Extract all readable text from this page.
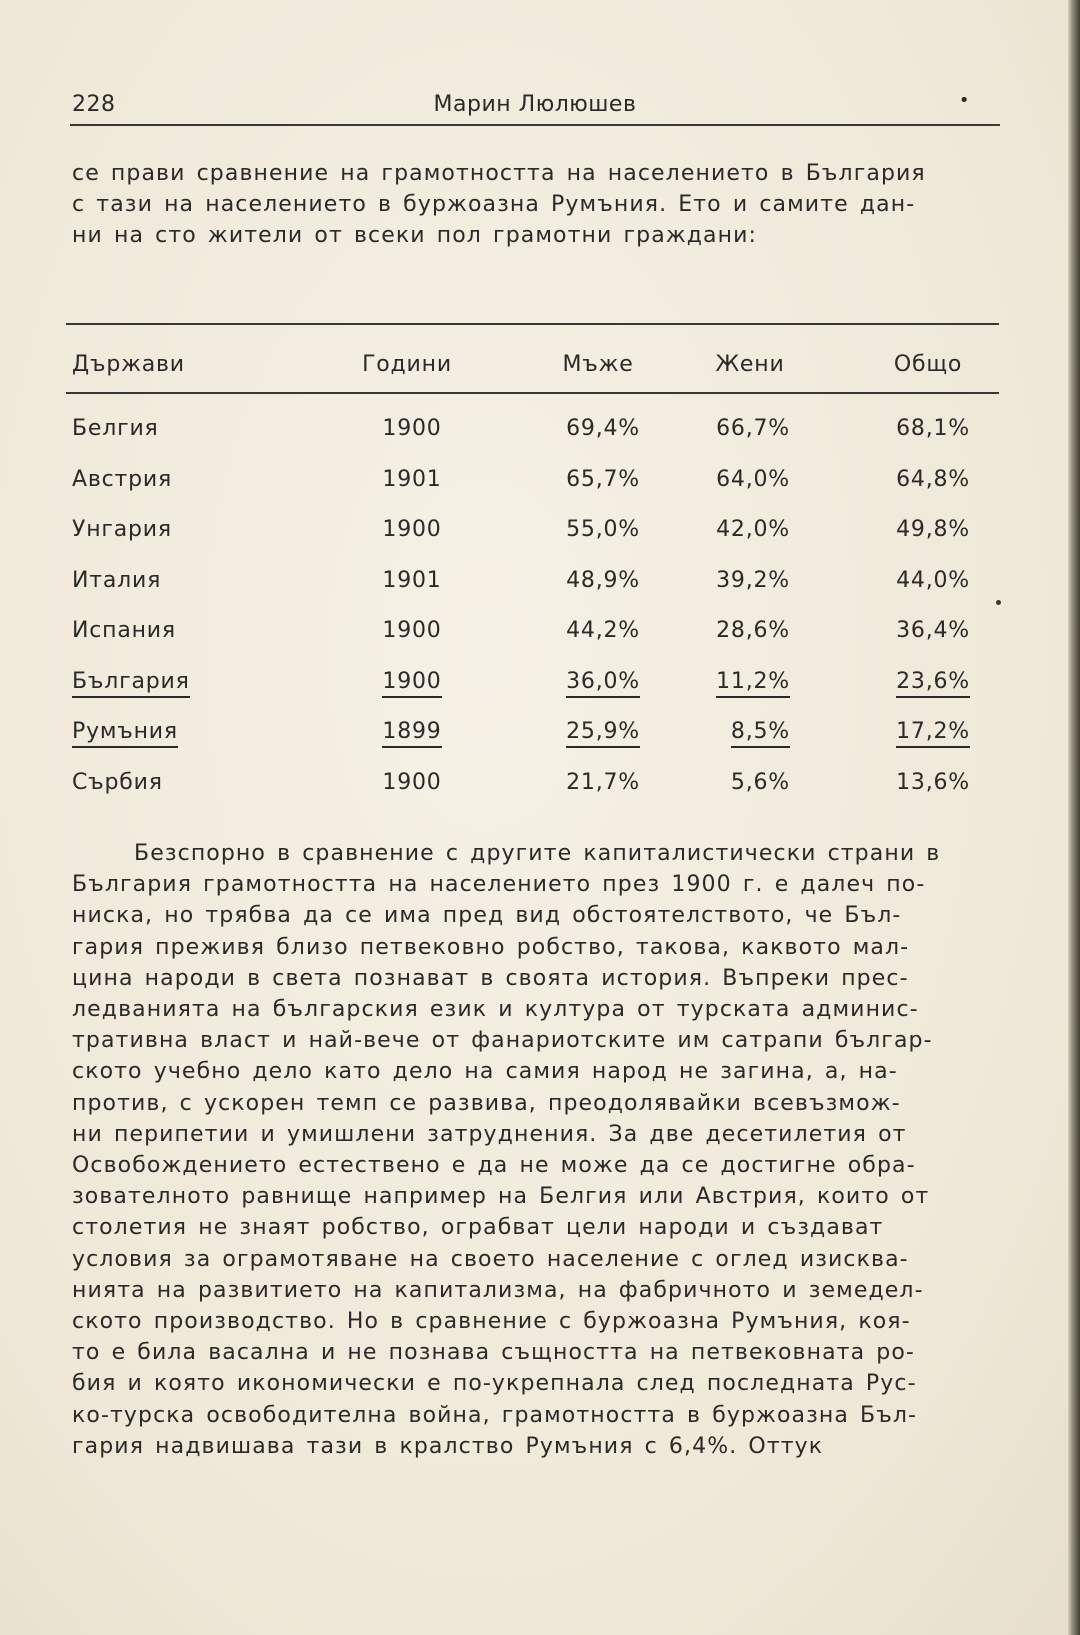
228	Марин Люлюшев	•
се прави сравнение на грамотността на населението в България
с тази на населението в буржоазна Румъния. Ето и самите дан-
ни на сто жители от всеки пол грамотни граждани:
Държави	Години	Мъже	Жени	Общо
Белгия	1900	69,4%	66,7%	68,1%
Австрия	1901	65,7%	64,0%	64,8%
Унгария	1900	55,0%	42,0%	49,8%
Италия	1901	48,9%	39,2%	44,0%
Испания	1900	44,2%	28,6%	36,4%
България	1900	36,0%	11,2%	23,6%
Румъния	1899	25,9%	8,5%	17,2%
Сърбия	1900	21,7%	5,6%	13,6%
Безспорно в сравнение с другите капиталистически страни в
България грамотността на населението през 1900 г. е далеч по-
ниска, но трябва да се има пред вид обстоятелството, че Бъл-
гария преживя близо петвековно робство, такова, каквото мал-
цина народи в света познават в своята история. Въпреки прес-
ледванията на българския език и култура от турската админис-
тративна власт и най-вече от фанариотските им сатрапи българ-
ското учебно дело като дело на самия народ не загина, а, на-
против, с ускорен темп се развива, преодолявайки всевъзмож-
ни перипетии и умишлени затруднения. За две десетилетия от
Освобождението естествено е да не може да се достигне обра-
зователното равнище например на Белгия или Австрия, които от
столетия не знаят робство, ограбват цели народи и създават
условия за ограмотяване на своето население с оглед изисква-
нията на развитието на капитализма, на фабричното и земедел-
ското производство. Но в сравнение с буржоазна Румъния, коя-
то е била васална и не познава същността на петвековната ро-
бия и която икономически е по-укрепнала след последната Рус-
ко-турска освободителна война, грамотността в буржоазна Бъл-
гария надвишава тази в кралство Румъния с 6,4%. Оттук
